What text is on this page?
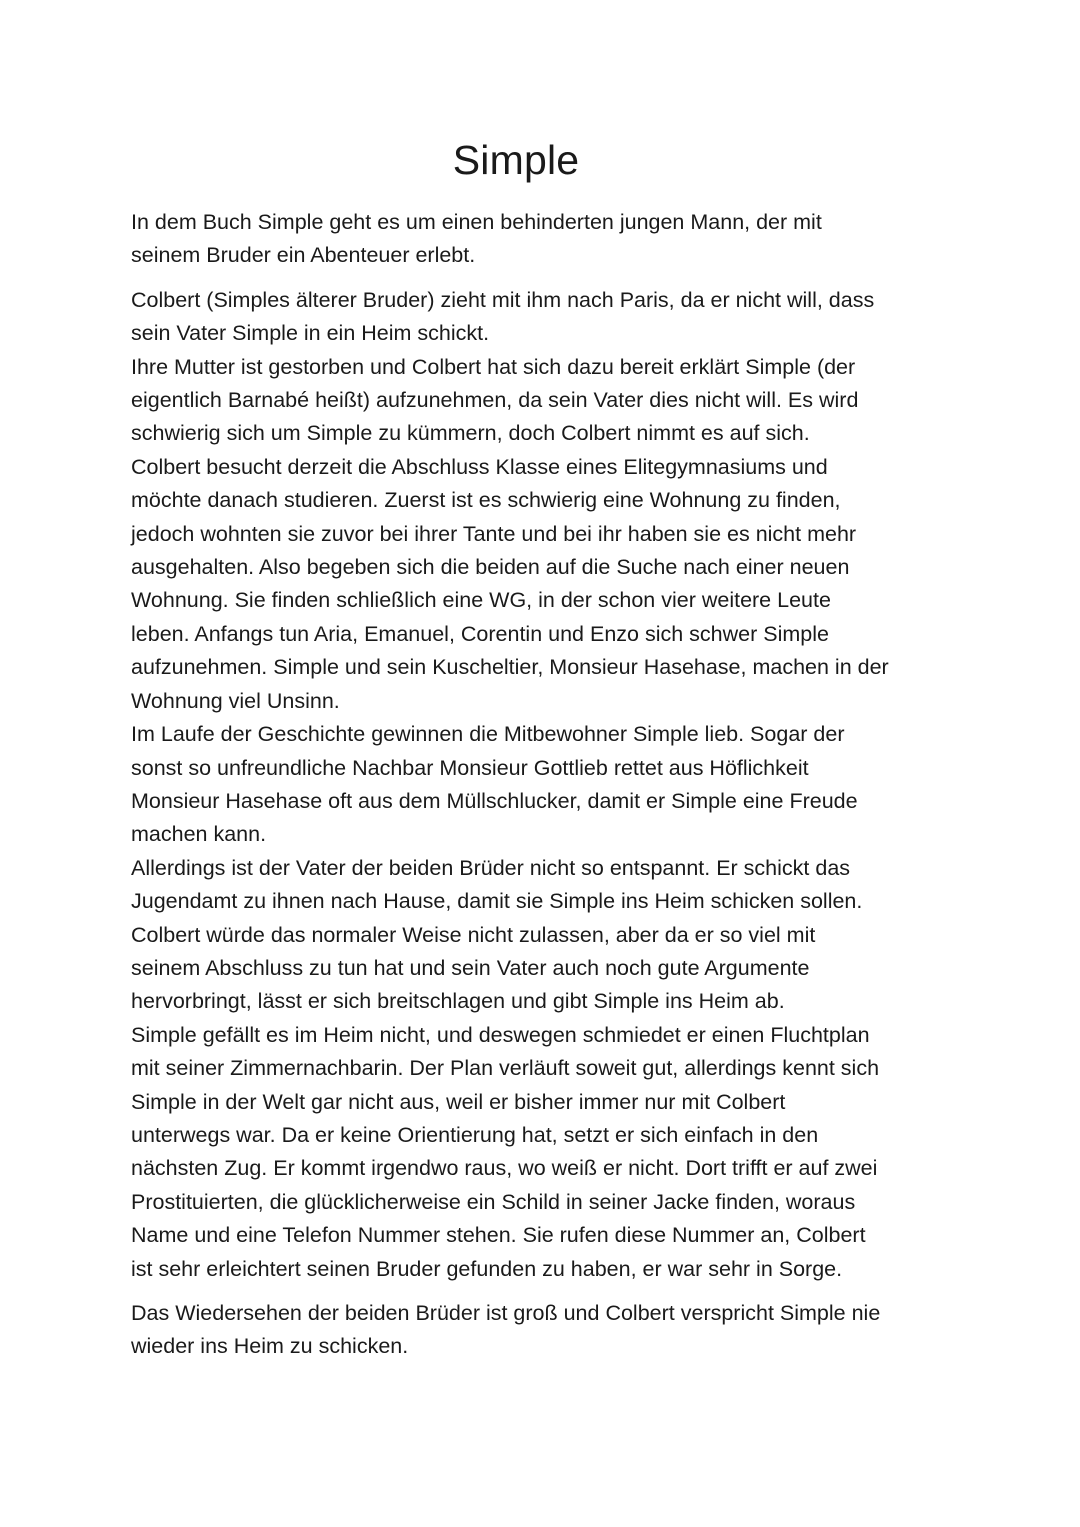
Simple

In dem Buch Simple geht es um einen behinderten jungen Mann, der mit
seinem Bruder ein Abenteuer erlebt.

Colbert (Simples älterer Bruder) zieht mit ihm nach Paris, da er nicht will, dass
sein Vater Simple in ein Heim schickt.
Ihre Mutter ist gestorben und Colbert hat sich dazu bereit erklärt Simple (der
eigentlich Barnabé heißt) aufzunehmen, da sein Vater dies nicht will. Es wird
schwierig sich um Simple zu kümmern, doch Colbert nimmt es auf sich.
Colbert besucht derzeit die Abschluss Klasse eines Elitegymnasiums und
möchte danach studieren. Zuerst ist es schwierig eine Wohnung zu finden,
jedoch wohnten sie zuvor bei ihrer Tante und bei ihr haben sie es nicht mehr
ausgehalten. Also begeben sich die beiden auf die Suche nach einer neuen
Wohnung. Sie finden schließlich eine WG, in der schon vier weitere Leute
leben. Anfangs tun Aria, Emanuel, Corentin und Enzo sich schwer Simple
aufzunehmen. Simple und sein Kuscheltier, Monsieur Hasehase, machen in der
Wohnung viel Unsinn.
Im Laufe der Geschichte gewinnen die Mitbewohner Simple lieb. Sogar der
sonst so unfreundliche Nachbar Monsieur Gottlieb rettet aus Höflichkeit
Monsieur Hasehase oft aus dem Müllschlucker, damit er Simple eine Freude
machen kann.
Allerdings ist der Vater der beiden Brüder nicht so entspannt. Er schickt das
Jugendamt zu ihnen nach Hause, damit sie Simple ins Heim schicken sollen.
Colbert würde das normaler Weise nicht zulassen, aber da er so viel mit
seinem Abschluss zu tun hat und sein Vater auch noch gute Argumente
hervorbringt, lässt er sich breitschlagen und gibt Simple ins Heim ab.
Simple gefällt es im Heim nicht, und deswegen schmiedet er einen Fluchtplan
mit seiner Zimmernachbarin. Der Plan verläuft soweit gut, allerdings kennt sich
Simple in der Welt gar nicht aus, weil er bisher immer nur mit Colbert
unterwegs war. Da er keine Orientierung hat, setzt er sich einfach in den
nächsten Zug. Er kommt irgendwo raus, wo weiß er nicht. Dort trifft er auf zwei
Prostituierten, die glücklicherweise ein Schild in seiner Jacke finden, woraus
Name und eine Telefon Nummer stehen. Sie rufen diese Nummer an, Colbert
ist sehr erleichtert seinen Bruder gefunden zu haben, er war sehr in Sorge.

Das Wiedersehen der beiden Brüder ist groß und Colbert verspricht Simple nie
wieder ins Heim zu schicken.
